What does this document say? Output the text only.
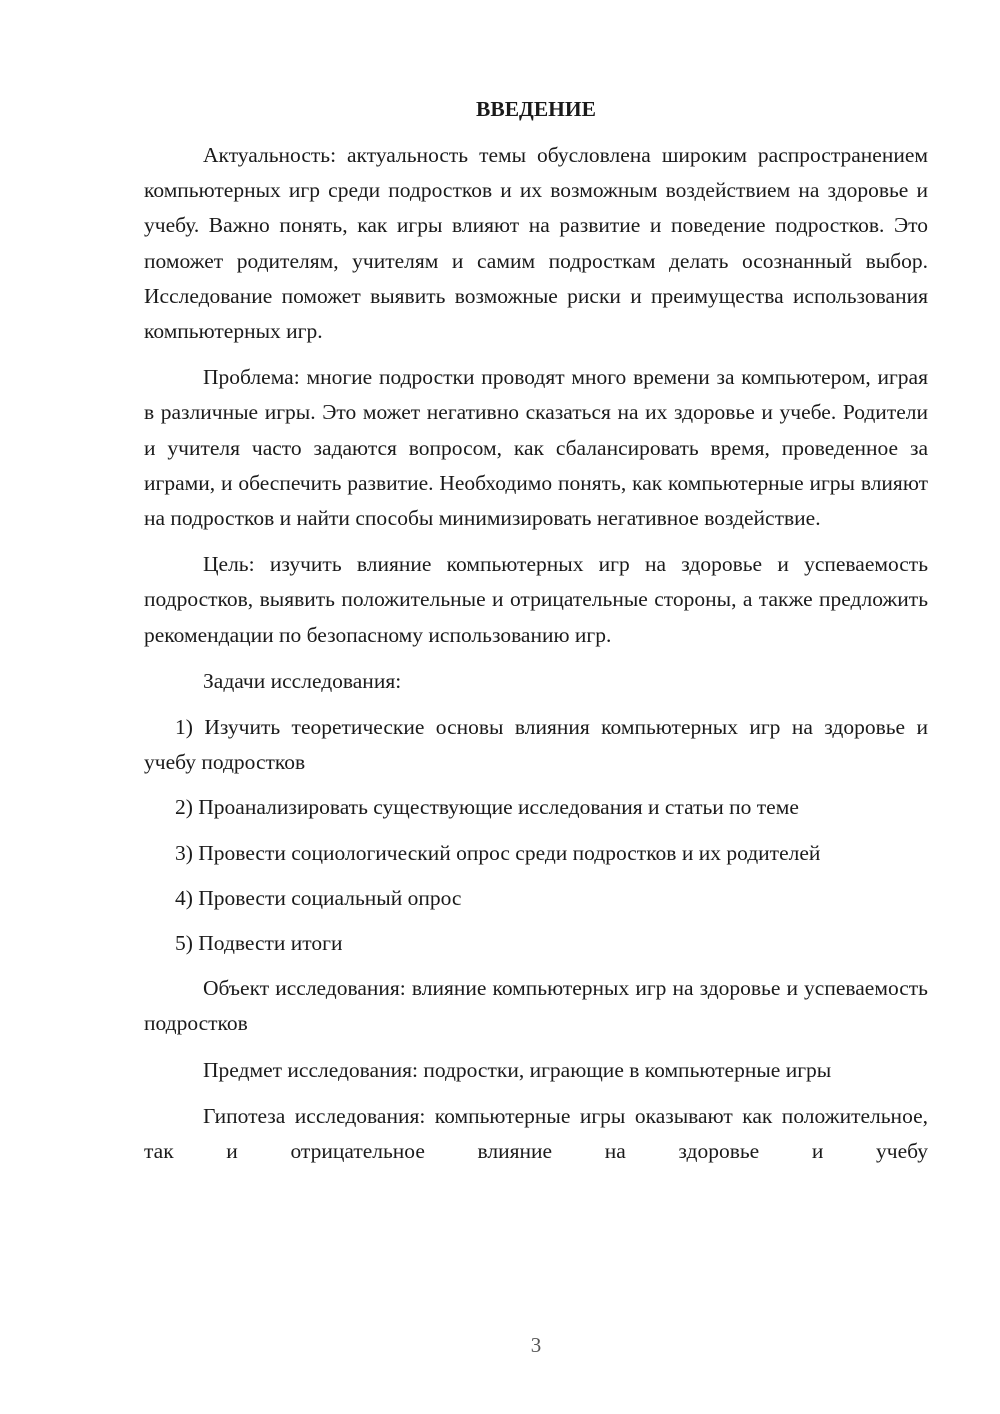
ВВЕДЕНИЕ

Актуальность: актуальность темы обусловлена широким распространением компьютерных игр среди подростков и их возможным воздействием на здоровье и учебу. Важно понять, как игры влияют на развитие и поведение подростков. Это поможет родителям, учителям и самим подросткам делать осознанный выбор. Исследование поможет выявить возможные риски и преимущества использования компьютерных игр.

Проблема: многие подростки проводят много времени за компьютером, играя в различные игры. Это может негативно сказаться на их здоровье и учебе. Родители и учителя часто задаются вопросом, как сбалансировать время, проведенное за играми, и обеспечить развитие. Необходимо понять, как компьютерные игры влияют на подростков и найти способы минимизировать негативное воздействие.

Цель: изучить влияние компьютерных игр на здоровье и успеваемость подростков, выявить положительные и отрицательные стороны, а также предложить рекомендации по безопасному использованию игр.

Задачи исследования:

1) Изучить теоретические основы влияния компьютерных игр на здоровье и учебу подростков
2) Проанализировать существующие исследования и статьи по теме
3) Провести социологический опрос среди подростков и их родителей
4) Провести социальный опрос
5) Подвести итоги

Объект исследования: влияние компьютерных игр на здоровье и успеваемость подростков

Предмет исследования: подростки, играющие в компьютерные игры

Гипотеза исследования: компьютерные игры оказывают как положительное, так и отрицательное влияние на здоровье и учебу

3
